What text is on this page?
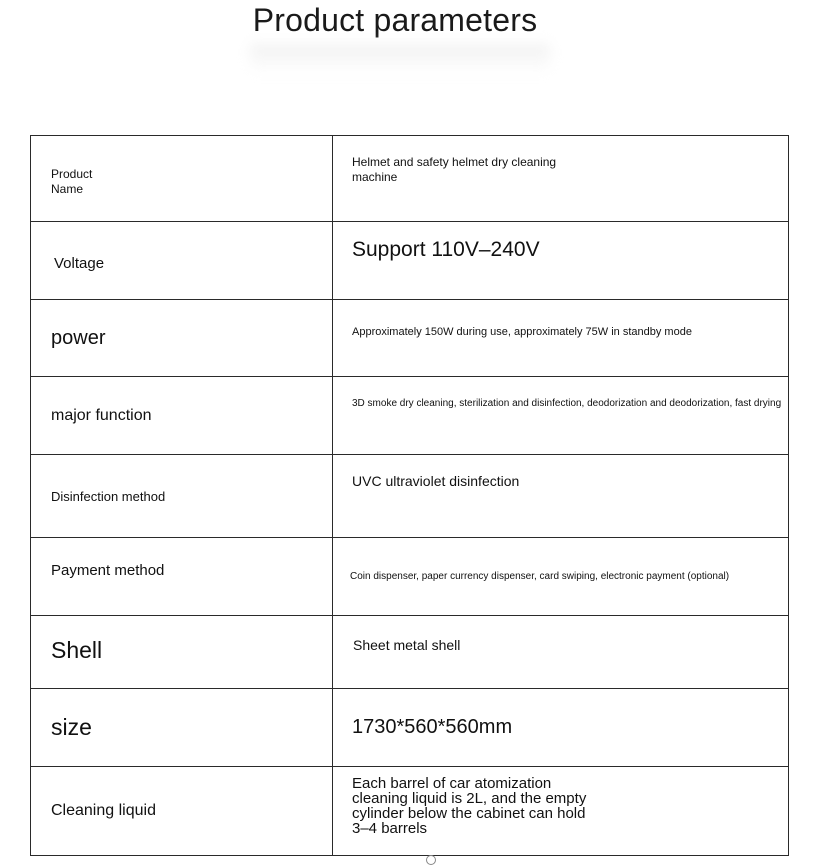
Product parameters
Product
Name	Helmet and safety helmet dry cleaning
machine

Voltage	Support 110V–240V

power	Approximately 150W during use, approximately 75W in standby mode

major function	3D smoke dry cleaning, sterilization and disinfection, deodorization and deodorization, fast drying

Disinfection method	UVC ultraviolet disinfection

Payment method	Coin dispenser, paper currency dispenser, card swiping, electronic payment (optional)

Shell	Sheet metal shell

size	1730*560*560mm

Cleaning liquid	Each barrel of car atomization
cleaning liquid is 2L, and the empty
cylinder below the cabinet can hold
3–4 barrels
